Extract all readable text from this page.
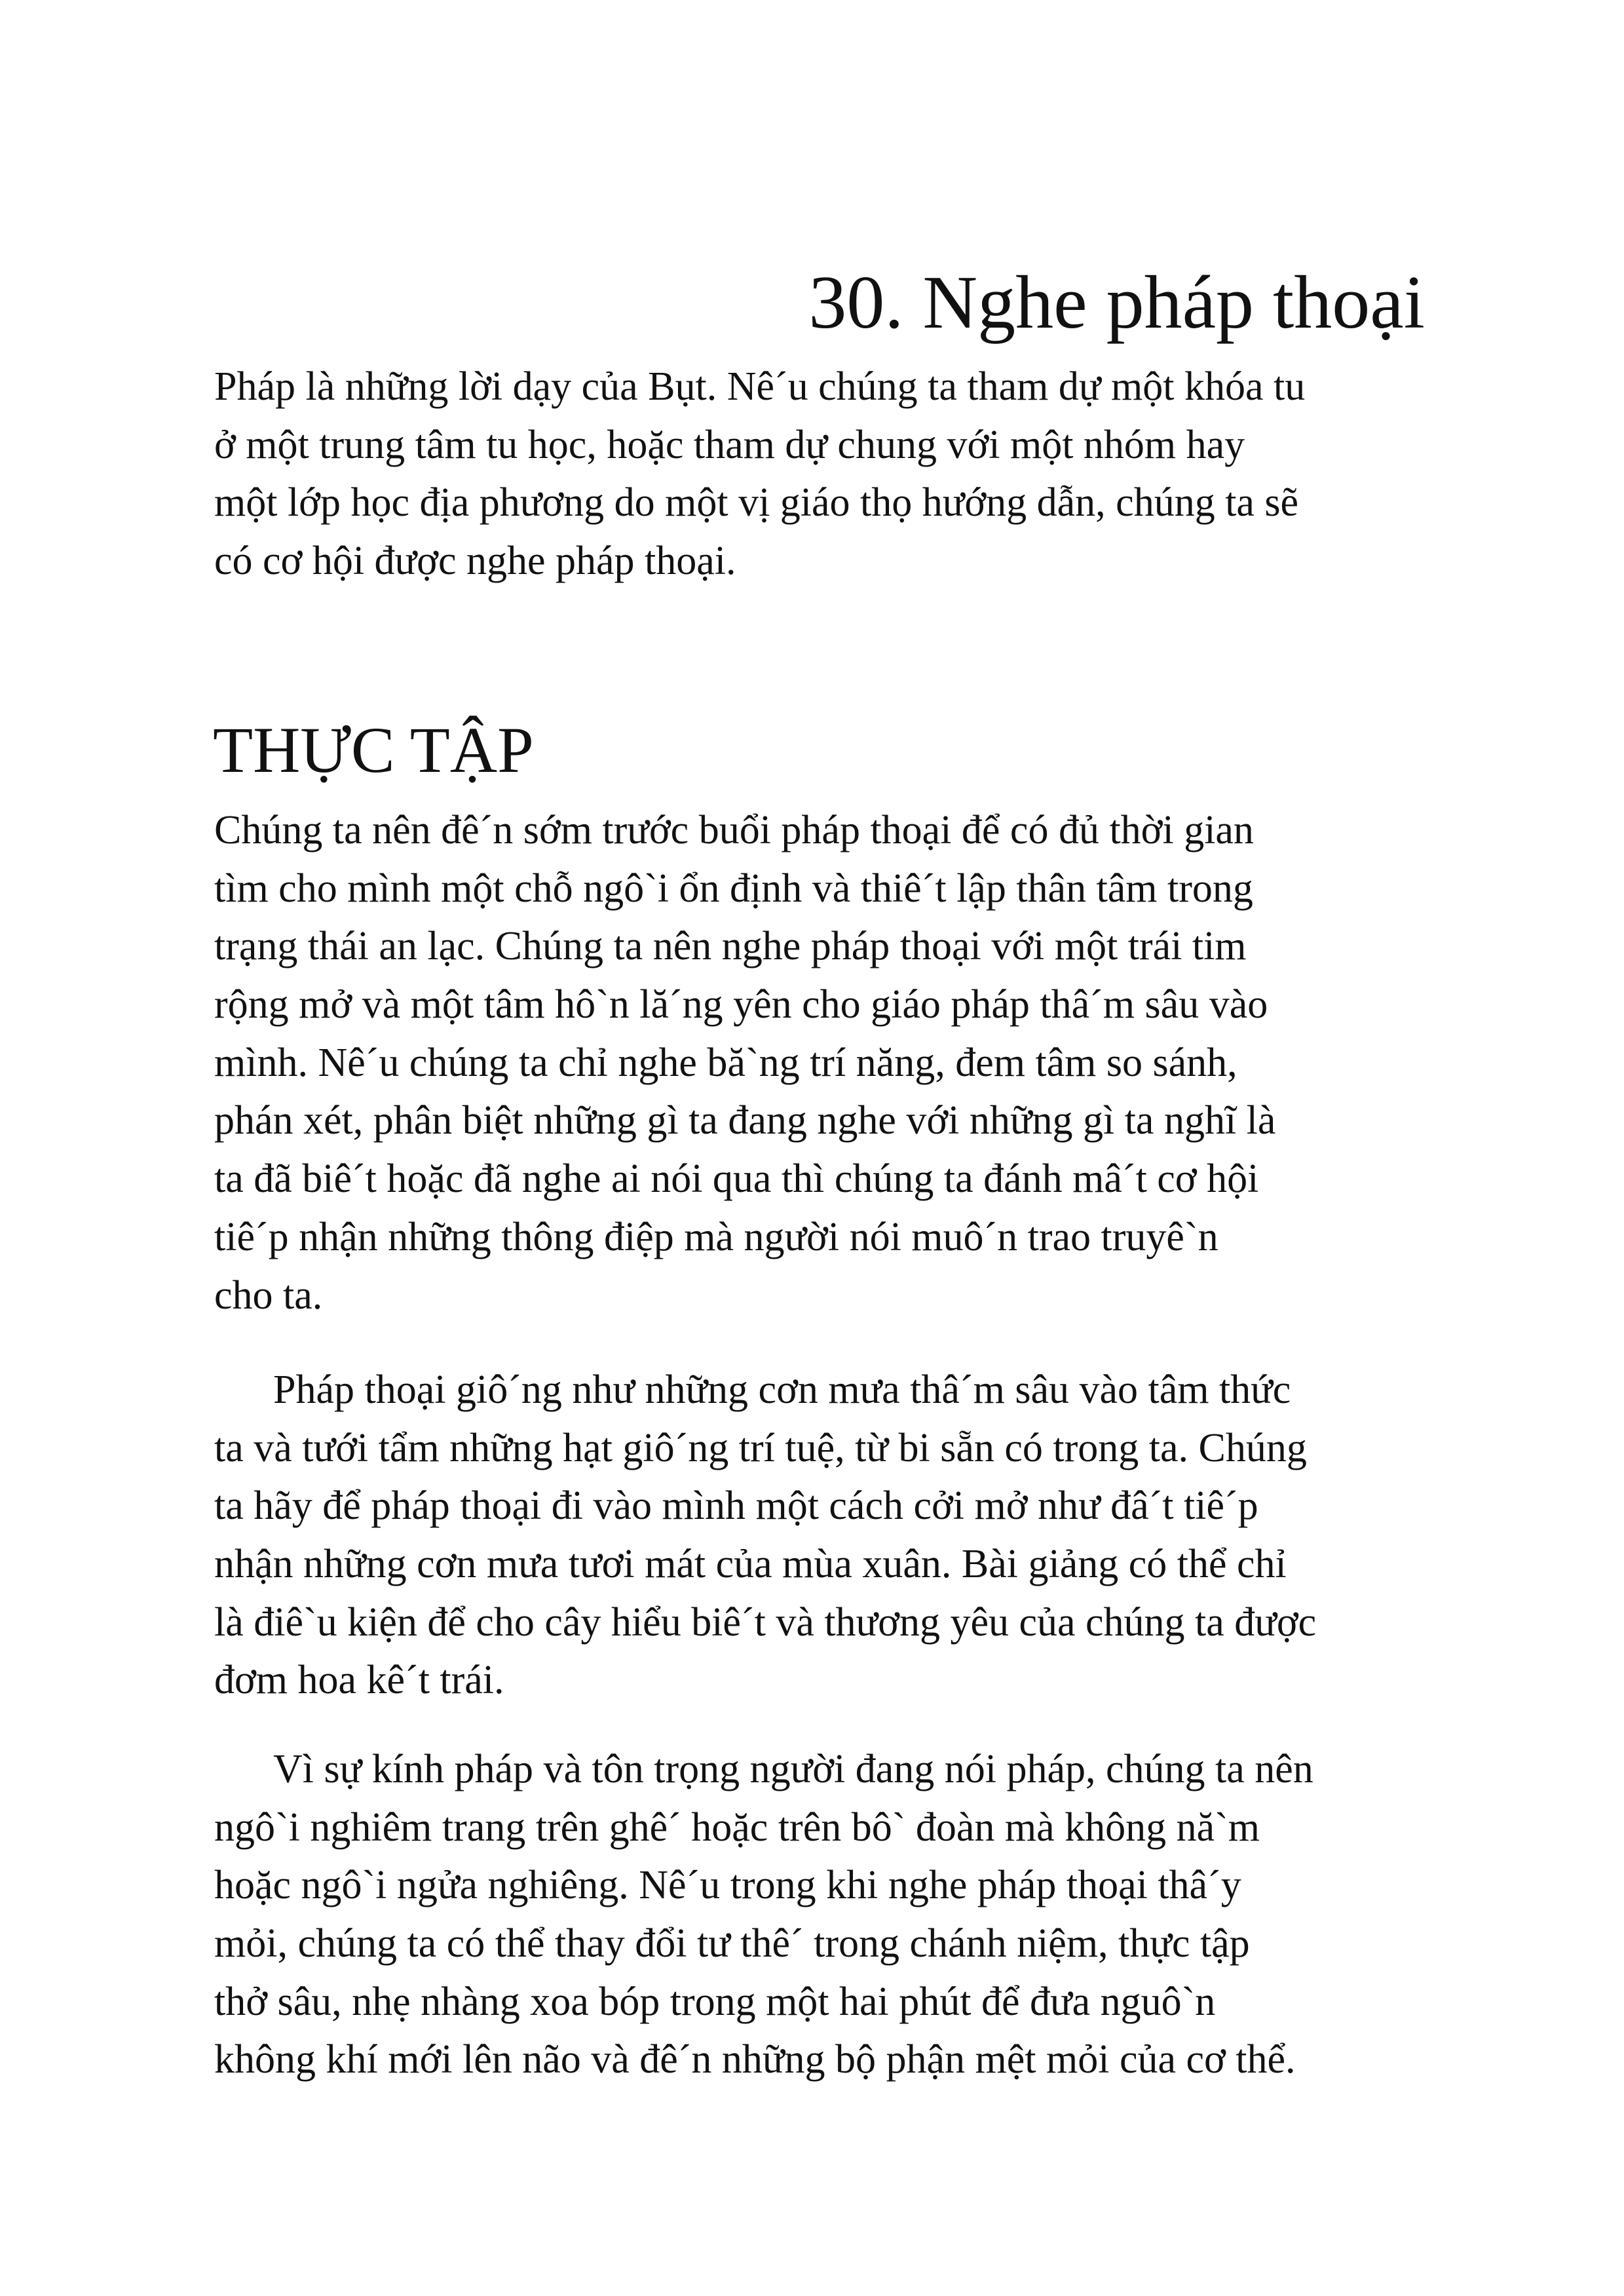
30. Nghe pháp thoại
Pháp là những lời dạy của Bụt. Nê´u chúng ta tham dự một khóa tu
ở một trung tâm tu học, hoặc tham dự chung với một nhóm hay
một lớp học địa phương do một vị giáo thọ hướng dẫn, chúng ta sẽ
có cơ hội được nghe pháp thoại.
THỰC TẬP
Chúng ta nên đê´n sớm trước buổi pháp thoại để có đủ thời gian
tìm cho mình một chỗ ngô`i ổn định và thiê´t lập thân tâm trong
trạng thái an lạc. Chúng ta nên nghe pháp thoại với một trái tim
rộng mở và một tâm hô`n lă´ng yên cho giáo pháp thâ´m sâu vào
mình. Nê´u chúng ta chỉ nghe bă`ng trí năng, đem tâm so sánh,
phán xét, phân biệt những gì ta đang nghe với những gì ta nghĩ là
ta đã biê´t hoặc đã nghe ai nói qua thì chúng ta đánh mâ´t cơ hội
tiê´p nhận những thông điệp mà người nói muô´n trao truyê`n
cho ta.
Pháp thoại giô´ng như những cơn mưa thâ´m sâu vào tâm thức
ta và tưới tẩm những hạt giô´ng trí tuệ, từ bi sẵn có trong ta. Chúng
ta hãy để pháp thoại đi vào mình một cách cởi mở như đâ´t tiê´p
nhận những cơn mưa tươi mát của mùa xuân. Bài giảng có thể chỉ
là điê`u kiện để cho cây hiểu biê´t và thương yêu của chúng ta được
đơm hoa kê´t trái.
Vì sự kính pháp và tôn trọng người đang nói pháp, chúng ta nên
ngô`i nghiêm trang trên ghê´ hoặc trên bô` đoàn mà không nă`m
hoặc ngô`i ngửa nghiêng. Nê´u trong khi nghe pháp thoại thâ´y
mỏi, chúng ta có thể thay đổi tư thê´ trong chánh niệm, thực tập
thở sâu, nhẹ nhàng xoa bóp trong một hai phút để đưa nguô`n
không khí mới lên não và đê´n những bộ phận mệt mỏi của cơ thể.
